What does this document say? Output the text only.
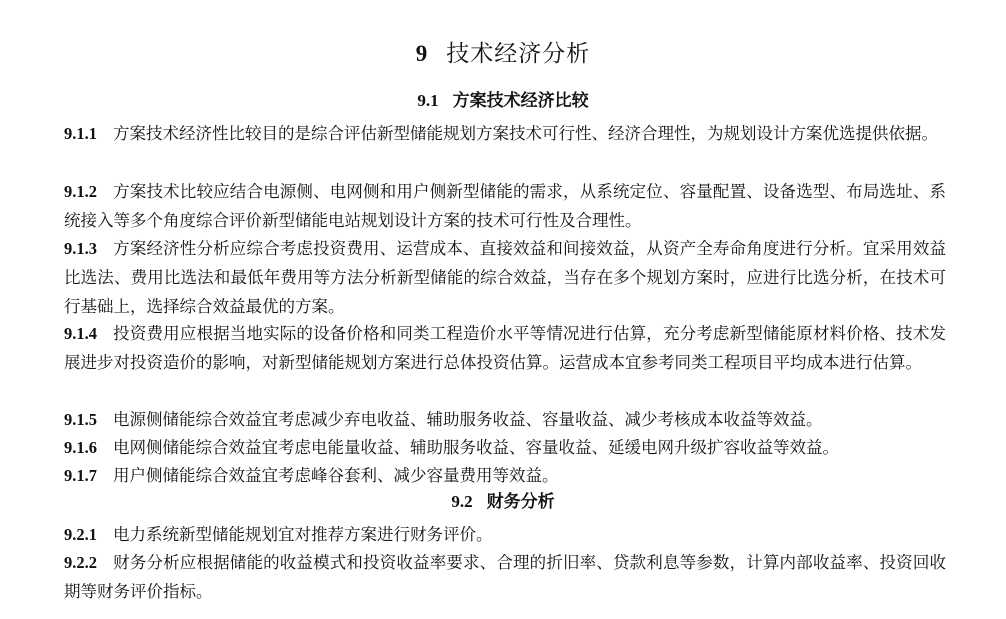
9 技术经济分析
9.1 方案技术经济比较
9.1.1 方案技术经济性比较目的是综合评估新型储能规划方案技术可行性、经济合理性，为规划设计方案优选提供依据。
9.1.2 方案技术比较应结合电源侧、电网侧和用户侧新型储能的需求，从系统定位、容量配置、设备选型、布局选址、系统接入等多个角度综合评价新型储能电站规划设计方案的技术可行性及合理性。
9.1.3 方案经济性分析应综合考虑投资费用、运营成本、直接效益和间接效益，从资产全寿命角度进行分析。宜采用效益比选法、费用比选法和最低年费用等方法分析新型储能的综合效益，当存在多个规划方案时，应进行比选分析，在技术可行基础上，选择综合效益最优的方案。
9.1.4 投资费用应根据当地实际的设备价格和同类工程造价水平等情况进行估算，充分考虑新型储能原材料价格、技术发展进步对投资造价的影响，对新型储能规划方案进行总体投资估算。运营成本宜参考同类工程项目平均成本进行估算。
9.1.5 电源侧储能综合效益宜考虑减少弃电收益、辅助服务收益、容量收益、减少考核成本收益等效益。
9.1.6 电网侧储能综合效益宜考虑电能量收益、辅助服务收益、容量收益、延缓电网升级扩容收益等效益。
9.1.7 用户侧储能综合效益宜考虑峰谷套利、减少容量费用等效益。
9.2 财务分析
9.2.1 电力系统新型储能规划宜对推荐方案进行财务评价。
9.2.2 财务分析应根据储能的收益模式和投资收益率要求、合理的折旧率、贷款利息等参数，计算内部收益率、投资回收期等财务评价指标。
